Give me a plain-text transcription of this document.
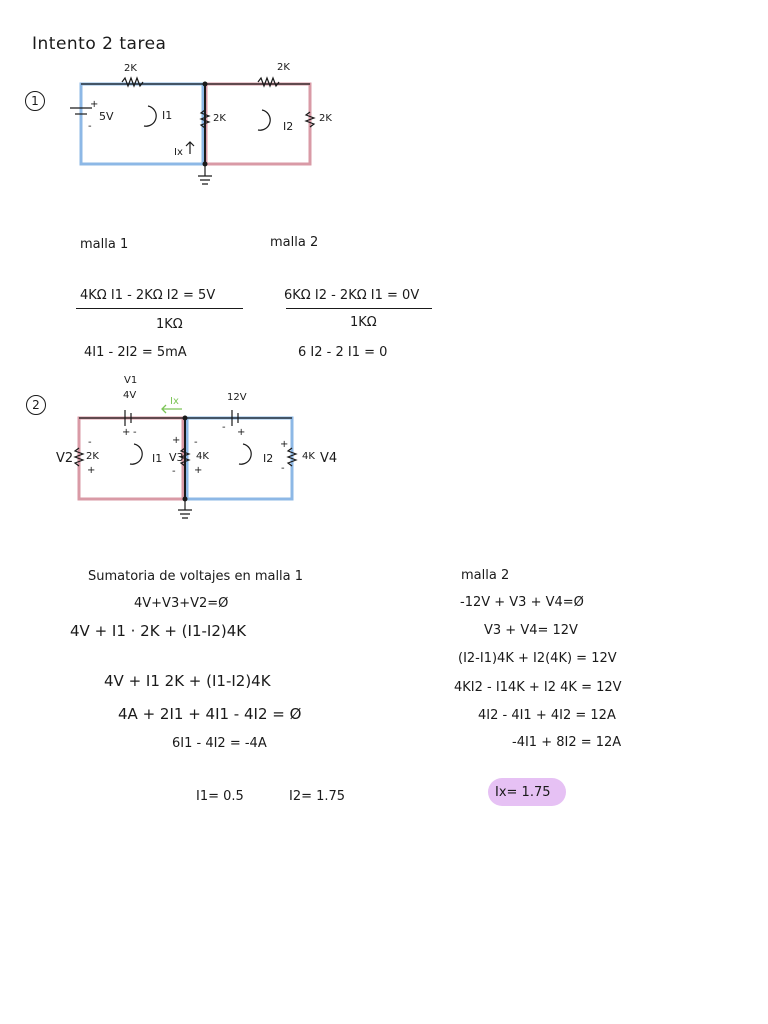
Intento 2 tarea
1
2K	2K
2K	2K
5V
+
-
I1
I2
Ix
malla 1	malla 2
4KΩ I1 - 2KΩ I2 = 5V
1KΩ
4I1 - 2I2 = 5mA
6KΩ I2 - 2KΩ I1 = 0V
1KΩ
6 I2 - 2 I1 = 0
2
V1
4V	12V
Ix
+ -	- +
V2 2K
-
+
I1 V3
+
-
4K
-
+
I2
+
-
4K V4
Sumatoria de voltajes en malla 1
4V+V3+V2=Ø
4V + I1 · 2K + (I1-I2)4K
4V + I1 2K + (I1-I2)4K
4A + 2I1 + 4I1 - 4I2 = Ø
6I1 - 4I2 = -4A
I1= 0.5	I2= 1.75
malla 2
-12V + V3 + V4=Ø
V3 + V4= 12V
(I2-I1)4K + I2(4K) = 12V
4KI2 - I14K + I2 4K = 12V
4I2 - 4I1 + 4I2 = 12A
-4I1 + 8I2 = 12A
Ix= 1.75
